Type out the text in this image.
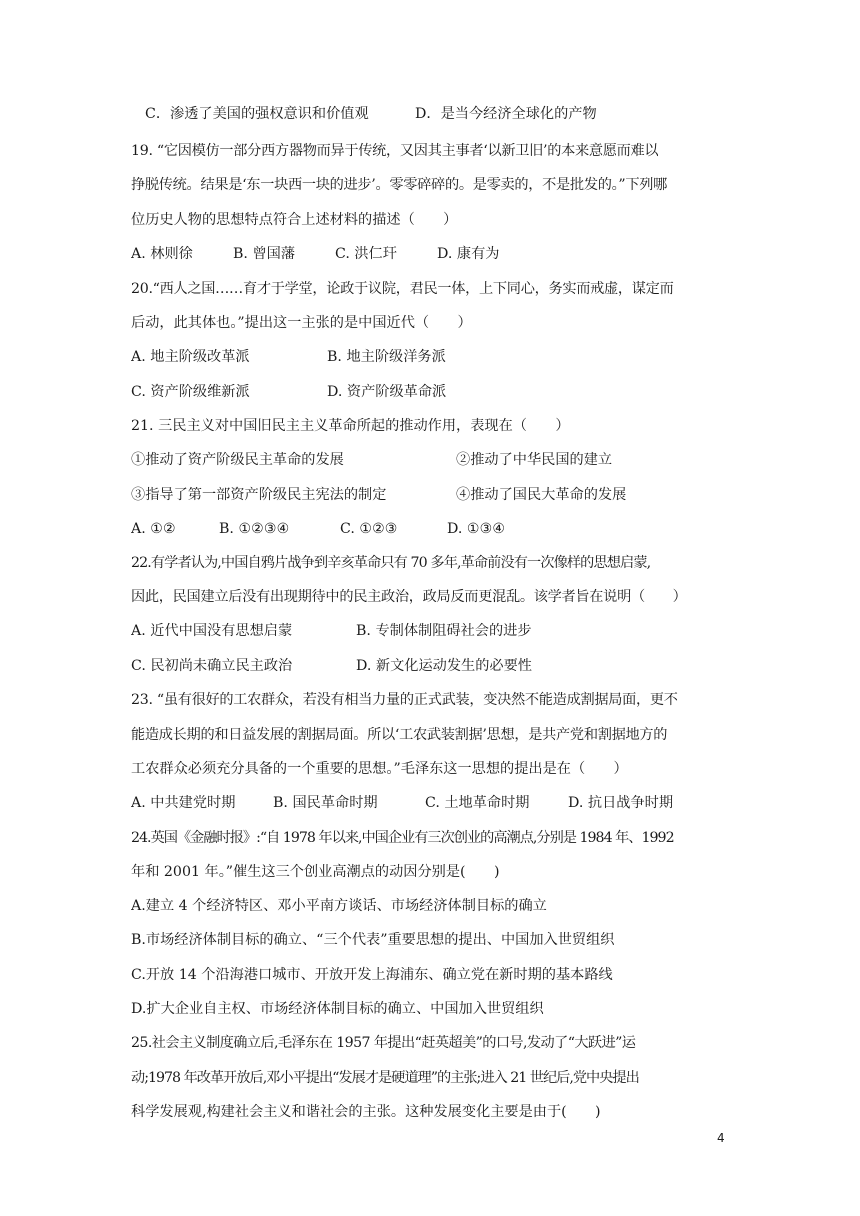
C．渗透了美国的强权意识和价值观	D．是当今经济全球化的产物
19. “它因模仿一部分西方器物而异于传统，又因其主事者‘以新卫旧’的本来意愿而难以
挣脱传统。结果是‘东一块西一块的进步’。零零碎碎的。是零卖的，不是批发的。”下列哪
位历史人物的思想特点符合上述材料的描述（　　）
A. 林则徐	B. 曾国藩	C. 洪仁玕	D. 康有为
20.“西人之国……育才于学堂，论政于议院，君民一体，上下同心，务实而戒虚，谋定而
后动，此其体也。”提出这一主张的是中国近代（　　）
A. 地主阶级改革派	B. 地主阶级洋务派
C. 资产阶级维新派	D. 资产阶级革命派
21. 三民主义对中国旧民主主义革命所起的推动作用，表现在（　　）
①推动了资产阶级民主革命的发展	②推动了中华民国的建立
③指导了第一部资产阶级民主宪法的制定	④推动了国民大革命的发展
A. ①②	B. ①②③④	C. ①②③	D. ①③④
22.有学者认为,中国自鸦片战争到辛亥革命只有 70 多年,革命前没有一次像样的思想启蒙,
因此，民国建立后没有出现期待中的民主政治，政局反而更混乱。该学者旨在说明（　　）
A. 近代中国没有思想启蒙	B. 专制体制阻碍社会的进步
C. 民初尚未确立民主政治	D. 新文化运动发生的必要性
23. “虽有很好的工农群众，若没有相当力量的正式武装，变决然不能造成割据局面，更不
能造成长期的和日益发展的割据局面。所以‘工农武装割据’思想，是共产党和割据地方的
工农群众必须充分具备的一个重要的思想。”毛泽东这一思想的提出是在（　　）
A. 中共建党时期	B. 国民革命时期	C. 土地革命时期	D. 抗日战争时期
24.英国《金融时报》:“自 1978 年以来,中国企业有三次创业的高潮点,分别是 1984 年、1992
年和 2001 年。”催生这三个创业高潮点的动因分别是(　　)
A.建立 4 个经济特区、邓小平南方谈话、市场经济体制目标的确立
B.市场经济体制目标的确立、“三个代表”重要思想的提出、中国加入世贸组织
C.开放 14 个沿海港口城市、开放开发上海浦东、确立党在新时期的基本路线
D.扩大企业自主权、市场经济体制目标的确立、中国加入世贸组织
25.社会主义制度确立后,毛泽东在 1957 年提出“赶英超美”的口号,发动了“大跃进”运
动;1978 年改革开放后,邓小平提出“发展才是硬道理”的主张;进入 21 世纪后,党中央提出
科学发展观,构建社会主义和谐社会的主张。这种发展变化主要是由于(　　)
4
